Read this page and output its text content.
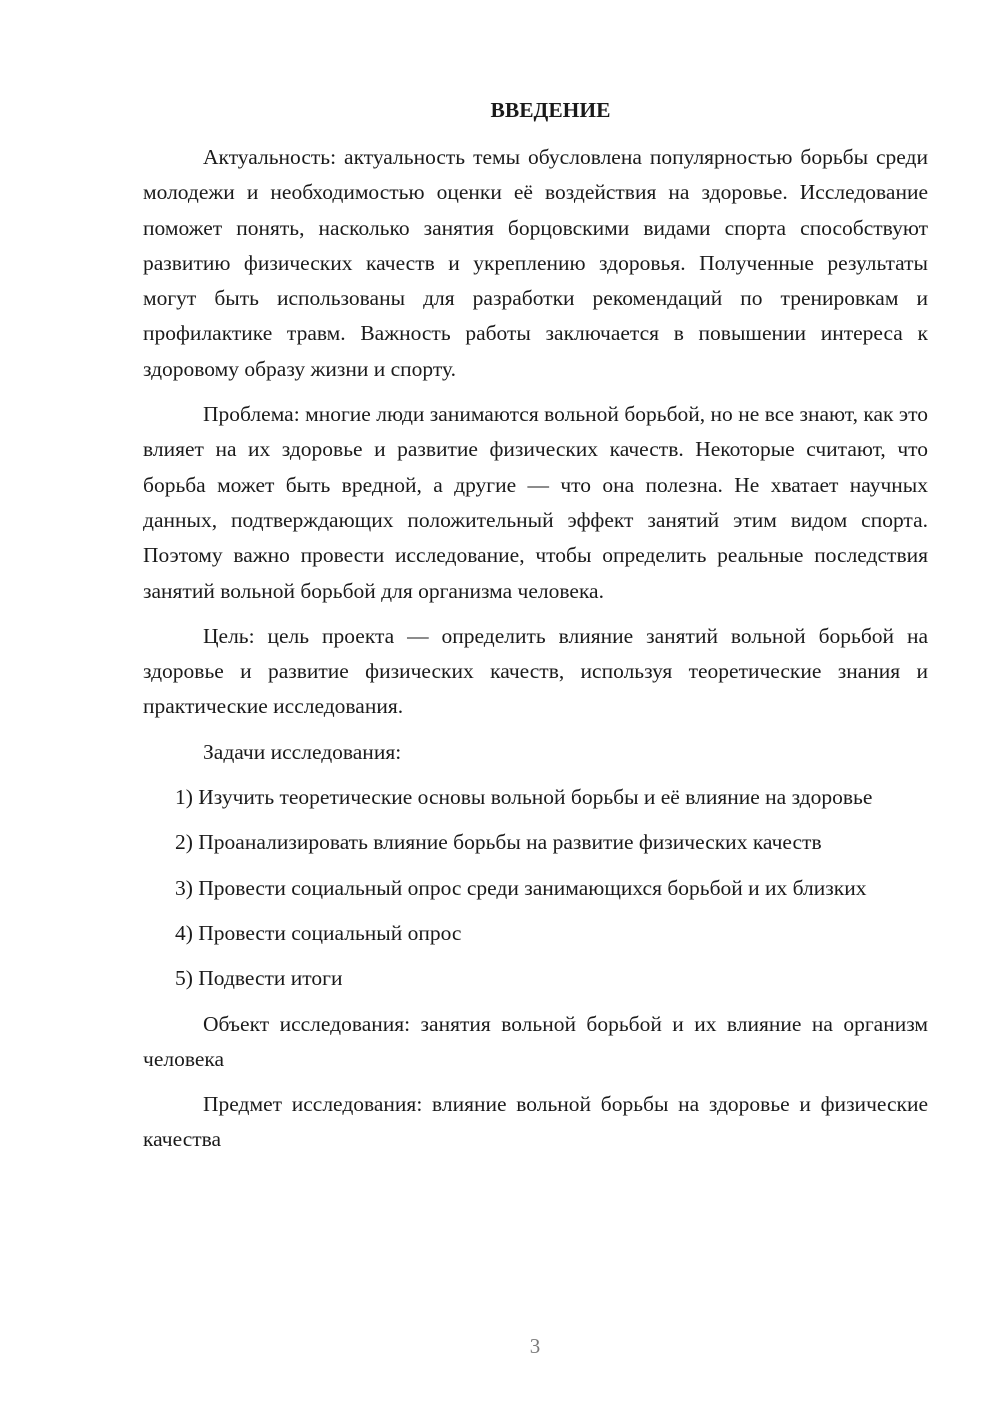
ВВЕДЕНИЕ

Актуальность: актуальность темы обусловлена популярностью борьбы среди молодежи и необходимостью оценки её воздействия на здоровье. Исследование поможет понять, насколько занятия борцовскими видами спорта способствуют развитию физических качеств и укреплению здоровья. Полученные результаты могут быть использованы для разработки рекомендаций по тренировкам и профилактике травм. Важность работы заключается в повышении интереса к здоровому образу жизни и спорту.

Проблема: многие люди занимаются вольной борьбой, но не все знают, как это влияет на их здоровье и развитие физических качеств. Некоторые считают, что борьба может быть вредной, а другие — что она полезна. Не хватает научных данных, подтверждающих положительный эффект занятий этим видом спорта. Поэтому важно провести исследование, чтобы определить реальные последствия занятий вольной борьбой для организма человека.

Цель: цель проекта — определить влияние занятий вольной борьбой на здоровье и развитие физических качеств, используя теоретические знания и практические исследования.

Задачи исследования:

1) Изучить теоретические основы вольной борьбы и её влияние на здоровье

2) Проанализировать влияние борьбы на развитие физических качеств

3) Провести социальный опрос среди занимающихся борьбой и их близких

4) Провести социальный опрос

5) Подвести итоги

Объект исследования: занятия вольной борьбой и их влияние на организм человека

Предмет исследования: влияние вольной борьбы на здоровье и физические качества

3
